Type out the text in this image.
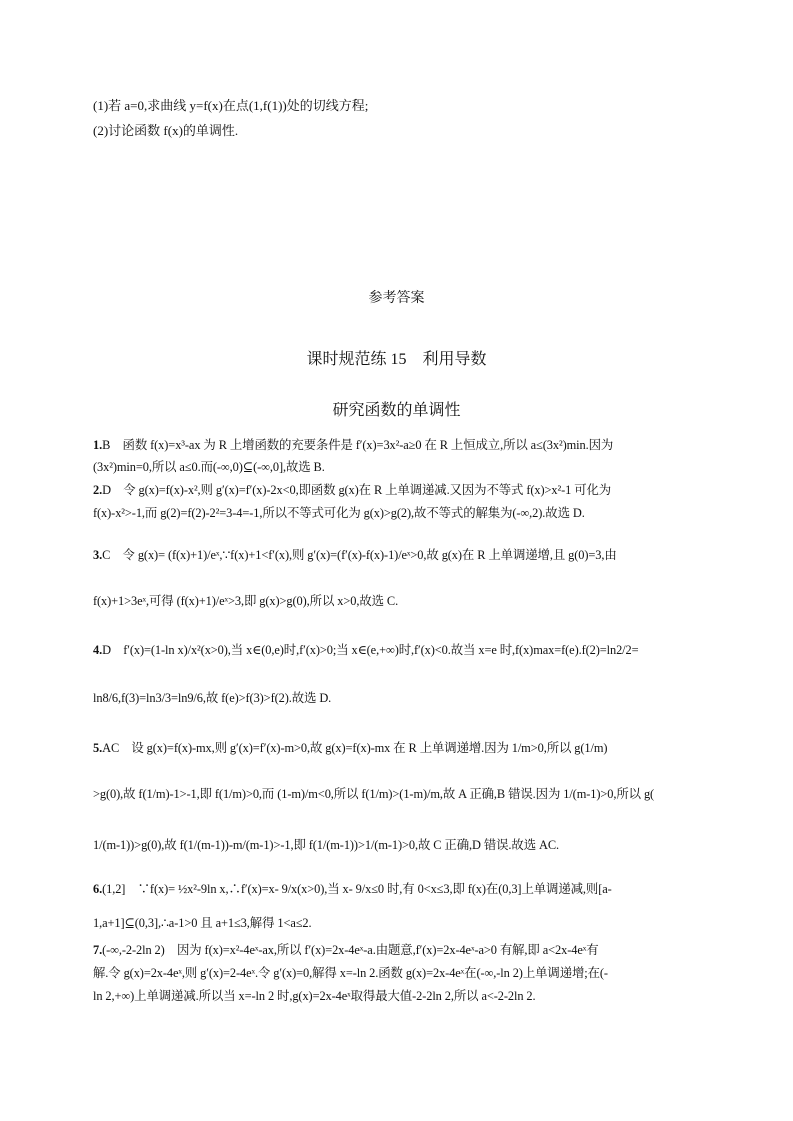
(1)若 a=0,求曲线 y=f(x)在点(1,f(1))处的切线方程;
(2)讨论函数 f(x)的单调性.
参考答案
课时规范练 15　利用导数
研究函数的单调性
1.B　函数 f(x)=x³-ax 为 R 上增函数的充要条件是 f′(x)=3x²-a≥0 在 R 上恒成立,所以 a≤(3x²)min.因为
(3x²)min=0,所以 a≤0.而(-∞,0)⊆(-∞,0],故选 B.
2.D　令 g(x)=f(x)-x²,则 g′(x)=f′(x)-2x<0,即函数 g(x)在 R 上单调递减.又因为不等式 f(x)>x²-1 可化为
f(x)-x²>-1,而 g(2)=f(2)-2²=3-4=-1,所以不等式可化为 g(x)>g(2),故不等式的解集为(-∞,2).故选 D.
3.C　令 g(x)= (f(x)+1)/eˣ,∵f(x)+1<f′(x),则 g′(x)=(f′(x)-f(x)-1)/eˣ>0,故 g(x)在 R 上单调递增,且 g(0)=3,由
f(x)+1>3eˣ,可得 (f(x)+1)/eˣ>3,即 g(x)>g(0),所以 x>0,故选 C.
4.D　f′(x)=(1-ln x)/x²(x>0),当 x∈(0,e)时,f′(x)>0;当 x∈(e,+∞)时,f′(x)<0.故当 x=e 时,f(x)max=f(e).f(2)=ln2/2=
ln8/6,f(3)=ln3/3=ln9/6,故 f(e)>f(3)>f(2).故选 D.
5.AC　设 g(x)=f(x)-mx,则 g′(x)=f′(x)-m>0,故 g(x)=f(x)-mx 在 R 上单调递增.因为 1/m>0,所以 g(1/m)
>g(0),故 f(1/m)-1>-1,即 f(1/m)>0,而 (1-m)/m<0,所以 f(1/m)>(1-m)/m,故 A 正确,B 错误.因为 1/(m-1)>0,所以 g(
1/(m-1))>g(0),故 f(1/(m-1))-m/(m-1)>-1,即 f(1/(m-1))>1/(m-1)>0,故 C 正确,D 错误.故选 AC.
6.(1,2]　∵f(x)= ½x²-9ln x,∴f′(x)=x- 9/x(x>0),当 x- 9/x≤0 时,有 0<x≤3,即 f(x)在(0,3]上单调递减,则[a-
1,a+1]⊆(0,3],∴a-1>0 且 a+1≤3,解得 1<a≤2.
7.(-∞,-2-2ln 2)　因为 f(x)=x²-4eˣ-ax,所以 f′(x)=2x-4eˣ-a.由题意,f′(x)=2x-4eˣ-a>0 有解,即 a<2x-4eˣ有
解.令 g(x)=2x-4eˣ,则 g′(x)=2-4eˣ.令 g′(x)=0,解得 x=-ln 2.函数 g(x)=2x-4eˣ在(-∞,-ln 2)上单调递增;在(-
ln 2,+∞)上单调递减.所以当 x=-ln 2 时,g(x)=2x-4eˣ取得最大值-2-2ln 2,所以 a<-2-2ln 2.
